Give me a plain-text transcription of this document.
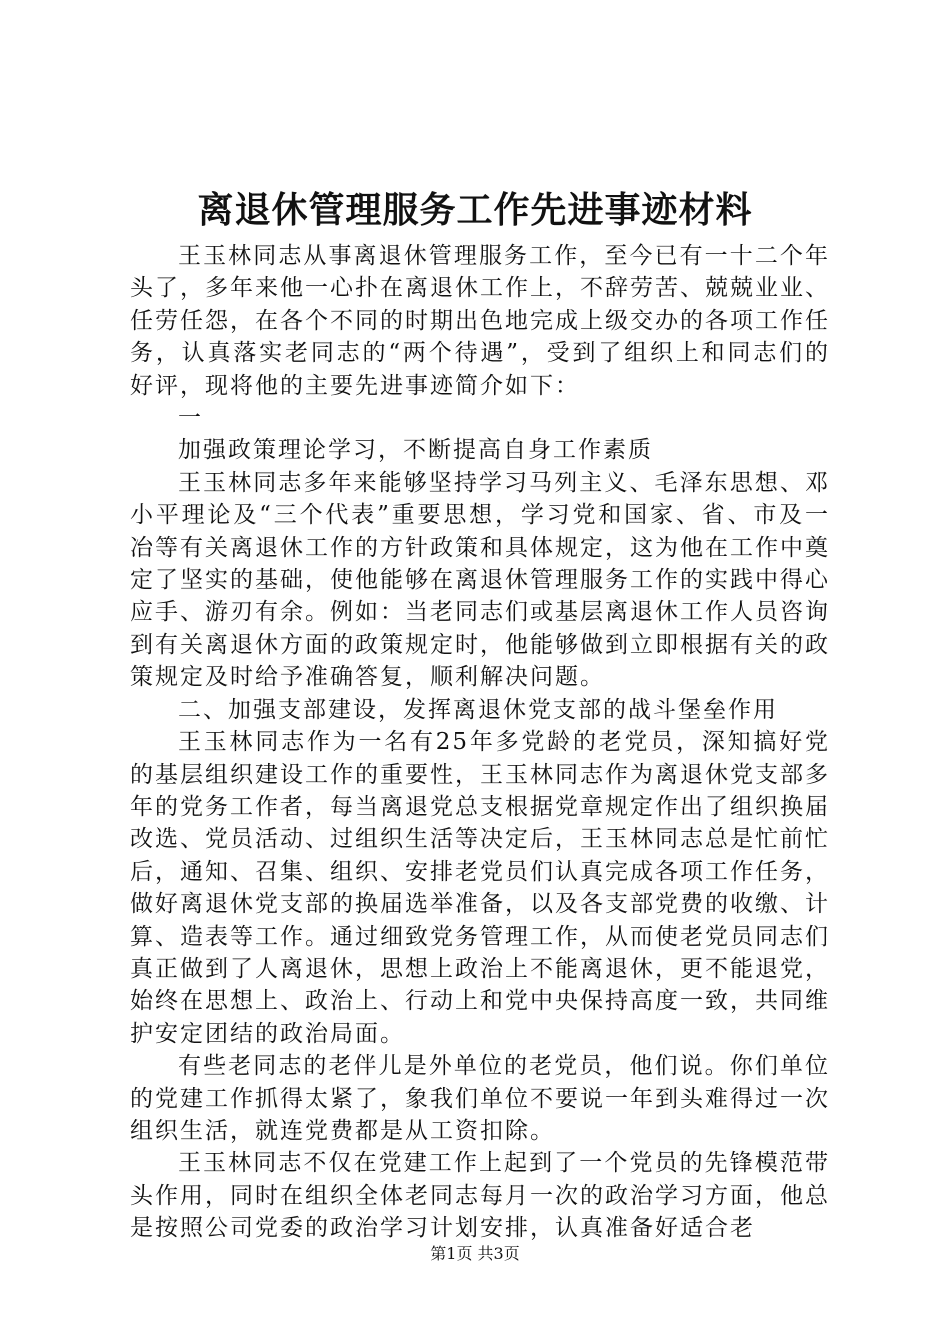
离退休管理服务工作先进事迹材料

王玉林同志从事离退休管理服务工作，至今已有一十二个年头了，多年来他一心扑在离退休工作上，不辞劳苦、兢兢业业、任劳任怨，在各个不同的时期出色地完成上级交办的各项工作任务，认真落实老同志的“两个待遇”，受到了组织上和同志们的好评，现将他的主要先进事迹简介如下：

一

加强政策理论学习，不断提高自身工作素质

王玉林同志多年来能够坚持学习马列主义、毛泽东思想、邓小平理论及“三个代表”重要思想，学习党和国家、省、市及一冶等有关离退休工作的方针政策和具体规定，这为他在工作中奠定了坚实的基础，使他能够在离退休管理服务工作的实践中得心应手、游刃有余。例如：当老同志们或基层离退休工作人员咨询到有关离退休方面的政策规定时，他能够做到立即根据有关的政策规定及时给予准确答复，顺利解决问题。

二、加强支部建设，发挥离退休党支部的战斗堡垒作用

王玉林同志作为一名有25年多党龄的老党员，深知搞好党的基层组织建设工作的重要性，王玉林同志作为离退休党支部多年的党务工作者，每当离退党总支根据党章规定作出了组织换届改选、党员活动、过组织生活等决定后，王玉林同志总是忙前忙后，通知、召集、组织、安排老党员们认真完成各项工作任务，做好离退休党支部的换届选举准备，以及各支部党费的收缴、计算、造表等工作。通过细致党务管理工作，从而使老党员同志们真正做到了人离退休，思想上政治上不能离退休，更不能退党，始终在思想上、政治上、行动上和党中央保持高度一致，共同维护安定团结的政治局面。

有些老同志的老伴儿是外单位的老党员，他们说。你们单位的党建工作抓得太紧了，象我们单位不要说一年到头难得过一次组织生活，就连党费都是从工资扣除。

王玉林同志不仅在党建工作上起到了一个党员的先锋模范带头作用，同时在组织全体老同志每月一次的政治学习方面，他总是按照公司党委的政治学习计划安排，认真准备好适合老

第1页 共3页
